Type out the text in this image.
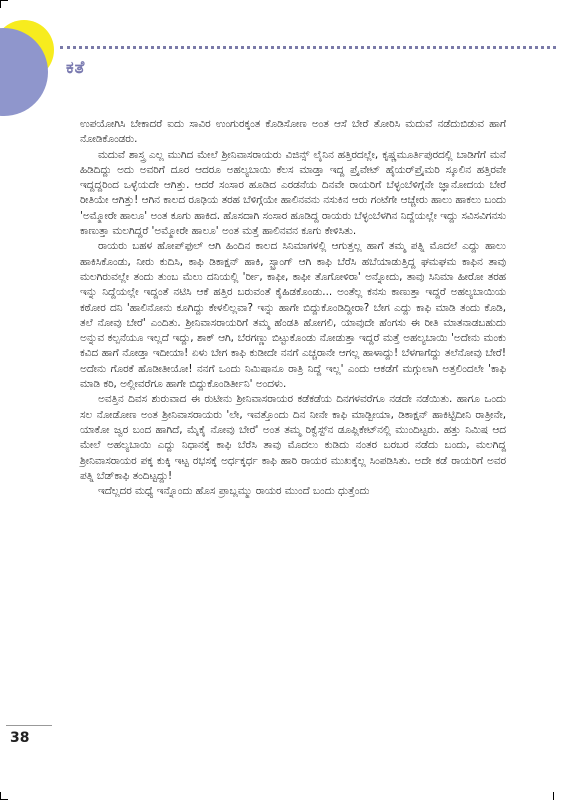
ಕತೆ

ಉಪಯೋಗಿಸಿ ಬೇಕಾದರೆ ಐದು ಸಾವಿರ ಉಂಗುರಕ್ಕಂತ ಕೊಡಿಸೋಣ ಅಂತ ಆಸೆ ಬೇರೆ ತೋರಿಸಿ ಮದುವೆ ನಡೆದುಬಿಡುವ ಹಾಗೆ ನೋಡಿಕೊಂಡರು.

ಮದುವೆ ಶಾಸ್ತ್ರ ಎಲ್ಲ ಮುಗಿದ ಮೇಲೆ ಶ್ರೀನಿವಾಸರಾಯರು ವಿಜಿನ್ಸ್ ಲೈನಿನ ಹತ್ತಿರದಲ್ಲೇ, ಕೃಷ್ಣಮೂರ್ತಿಪುರದಲ್ಲಿ ಬಾಡಿಗೆಗೆ ಮನೆ ಹಿಡಿದಿದ್ದು ಅದು ಅವರಿಗೆ ದೂರ ಆದರೂ ಅಹಲ್ಯಬಾಯಿ ಕೆಲಸ ಮಾಡ್ತಾ ಇದ್ದ ಪ್ರೈವೇಟ್ ಹೈಯರ್‌ಪ್ರೈಮರಿ ಸ್ಕೂಲಿನ ಹತ್ತಿರವೇ ಇದ್ದದ್ದರಿಂದ ಒಳ್ಳೆಯದೇ ಆಗಿತ್ತು. ಆದರೆ ಸಂಸಾರ ಹೂಡಿದ ಎರಡನೆಯ ದಿನವೇ ರಾಯರಿಗೆ ಬೆಳ್ಳಂಬೆಳಿಗ್ಗೆನೇ ಜ್ಞಾನೋದಯ ಬೇರೆ ರೀತಿಯೇ ಆಗಿತ್ತು! ಆಗಿನ ಕಾಲದ ರೂಢಿಯ ತರಹ ಬೆಳಿಗ್ಗೆಯೇ ಹಾಲಿನವನು ನಸುಕಿನ ಆರು ಗಂಟೆಗೇ ಆಚ್ಚೇರು ಹಾಲು ಹಾಕಲು ಬಂದು 'ಅಮ್ಮೋರೇ ಹಾಲೂ' ಅಂತ ಕೂಗು ಹಾಕಿದ. ಹೊಸದಾಗಿ ಸಂಸಾರ ಹೂಡಿದ್ದ ರಾಯರು ಬೆಳ್ಳಂಬೆಳಗಿನ ನಿದ್ದೆಯಲ್ಲೇ ಇದ್ದು ಸವಿಸವಿಗನಸು ಕಾಣುತ್ತಾ ಮಲಗಿದ್ದರೆ 'ಅಮ್ಮೋರೇ ಹಾಲೂ' ಅಂತ ಮತ್ತೆ ಹಾಲಿನವನ ಕೂಗು ಕೇಳಿಸಿತು.

ರಾಯರು ಬಹಳ ಹೋಪ್‌ಫುಲ್ ಆಗಿ ಹಿಂದಿನ ಕಾಲದ ಸಿನಿಮಾಗಳಲ್ಲಿ ಆಗುತ್ತಲ್ಲ ಹಾಗೆ ತಮ್ಮ ಪತ್ನಿ ಮೊದಲೆ ಎದ್ದು ಹಾಲು ಹಾಕಿಸಿಕೊಂಡು, ನೀರು ಕುದಿಸಿ, ಕಾಫಿ ಡಿಕಾಕ್ಷನ್ ಹಾಕಿ, ಸ್ಟ್ರಾಂಗ್ ಆಗಿ ಕಾಫಿ ಬೆರೆಸಿ ಹಬೆಯಾಡುತ್ತಿದ್ದ ಘಮಘಮ ಕಾಫಿನ ತಾವು ಮಲಗಿರುವಲ್ಲೇ ತಂದು ತುಂಬ ಮೆಲು ದನಿಯಲ್ಲಿ 'ರ್ರೀ, ಕಾಫೀ, ಕಾಫೀ ತೊಗೋಳಿರಾ' ಅನ್ನೋದು, ತಾವು ಸಿನಿಮಾ ಹೀರೋ ತರಹ ಇನ್ನು ನಿದ್ದೆಯಲ್ಲೇ ಇದ್ದಂತೆ ನಟಿಸಿ ಆಕೆ ಹತ್ತಿರ ಬರುವಂತೆ ಕೈಹಿಡಕೊಂಡು... ಅಂತೆಲ್ಲ ಕನಸು ಕಾಣುತ್ತಾ ಇದ್ದರೆ ಅಹಲ್ಯಬಾಯಿಯ ಕಠೋರ ದನಿ 'ಹಾಲಿನೋನು ಕೂಗಿದ್ದು ಕೇಳಲಿಲ್ಲವಾ? ಇನ್ನು ಹಾಗೇ ಬಿದ್ದುಕೊಂಡಿದ್ದೀರಾ? ಬೇಗ ಎದ್ದು ಕಾಫಿ ಮಾಡಿ ತಂದು ಕೊಡಿ, ತಲೆ ನೋವು ಬೇರೆ' ಎಂದಿತು. ಶ್ರೀನಿವಾಸರಾಯರಿಗೆ ತಮ್ಮ ಹೆಂಡತಿ ಹೋಗಲಿ, ಯಾವುದೇ ಹೆಂಗಸು ಈ ರೀತಿ ಮಾತನಾಡಬಹುದು ಅನ್ನುವ ಕಲ್ಪನೆಯೂ ಇಲ್ಲದೆ ಇದ್ದು, ಶಾಕ್ ಆಗಿ, ಬೆರಗಣ್ಣು ಬಿಟ್ಟುಕೊಂಡು ನೋಡುತ್ತಾ ಇದ್ದರೆ ಮತ್ತೆ ಅಹಲ್ಯಬಾಯಿ 'ಅದೇನು ಮಂಕು ಕವಿದ ಹಾಗೆ ನೋಡ್ತಾ ಇದೀಯಾ! ಏಳು ಬೇಗ ಕಾಫಿ ಕುಡೀದೇ ನನಗೆ ಎಚ್ಚರಾನೇ ಆಗಲ್ಲ ಹಾಳಾದ್ದು! ಬೆಳಗಾಗೆದ್ದು ತಲೆನೋವು ಬೇರೆ! ಅದೇನು ಗೊರಕೆ ಹೊಡೀತೀಯೋ! ನನಗೆ ಒಂದು ನಿಮಿಷಾನೂ ರಾತ್ರಿ ನಿದ್ದೆ ಇಲ್ಲ' ಎಂದು ಆಕಡೆಗೆ ಮಗ್ಗುಲಾಗಿ ಅತ್ತಲಿಂದಲೇ 'ಕಾಫಿ ಮಾಡಿ ಕರಿ, ಅಲ್ಲೀವರೆಗೂ ಹಾಗೇ ಬಿದ್ದುಕೊಂಡಿರ್ತೀನಿ' ಅಂದಳು.

ಅವತ್ತಿನ ದಿವಸ ಶುರುವಾದ ಈ ರುಟೀನು ಶ್ರೀನಿವಾಸರಾಯರ ಕಡೆಕಡೆಯ ದಿನಗಳವರೆಗೂ ನಡದೇ ನಡೆಯಿತು. ಹಾಗೂ ಒಂದು ಸಲ ನೋಡೋಣ ಅಂತ ಶ್ರೀನಿವಾಸರಾಯರು 'ಲೇ, ಇವತ್ತೊಂದು ದಿನ ನೀನೇ ಕಾಫಿ ಮಾಡ್ಬೀಯಾ, ಡಿಕಾಕ್ಷನ್ ಹಾಕಿಟ್ಟಿದೀನಿ ರಾತ್ರೀನೇ, ಯಾಕೋ ಜ್ವರ ಬಂದ ಹಾಗಿದೆ, ಮೈಕೈ ನೋವು ಬೇರೆ' ಅಂತ ತಮ್ಮ ರಿಕ್ವೆಸ್ಟ್‌ನ ಡೂಪ್ಲಿಕೇಟ್‌ನಲ್ಲಿ ಮುಂದಿಟ್ಟರು. ಹತ್ತು ನಿಮಿಷ ಆದ ಮೇಲೆ ಅಹಲ್ಯಬಾಯಿ ಎದ್ದು ನಿಧಾನಕ್ಕೆ ಕಾಫಿ ಬೆರೆಸಿ ತಾವು ಮೊದಲು ಕುಡಿದು ನಂತರ ಬರಬರ ನಡೆದು ಬಂದು, ಮಲಗಿದ್ದ ಶ್ರೀನಿವಾಸರಾಯರ ಪಕ್ಕ ಕುಕ್ಕಿ ಇಟ್ಟ ರಭಸಕ್ಕೆ ಅರ್ಧಕ್ಕರ್ಧ ಕಾಫಿ ಹಾರಿ ರಾಯರ ಮುಖಕ್ಕೆಲ್ಲ ಸಿಂಪಡಿಸಿತು. ಅದೇ ಕಡೆ ರಾಯರಿಗೆ ಅವರ ಪತ್ನಿ ಬೆಡ್‌ಕಾಫಿ ತಂದಿಟ್ಟದ್ದು!

ಇದೆಲ್ಲದರ ಮಧ್ಯೆ ಇನ್ನೊಂದು ಹೊಸ ಪ್ರಾಬ್ಲಮ್ಮು ರಾಯರ ಮುಂದೆ ಬಂದು ಧುತ್ತೆಂದು

38
